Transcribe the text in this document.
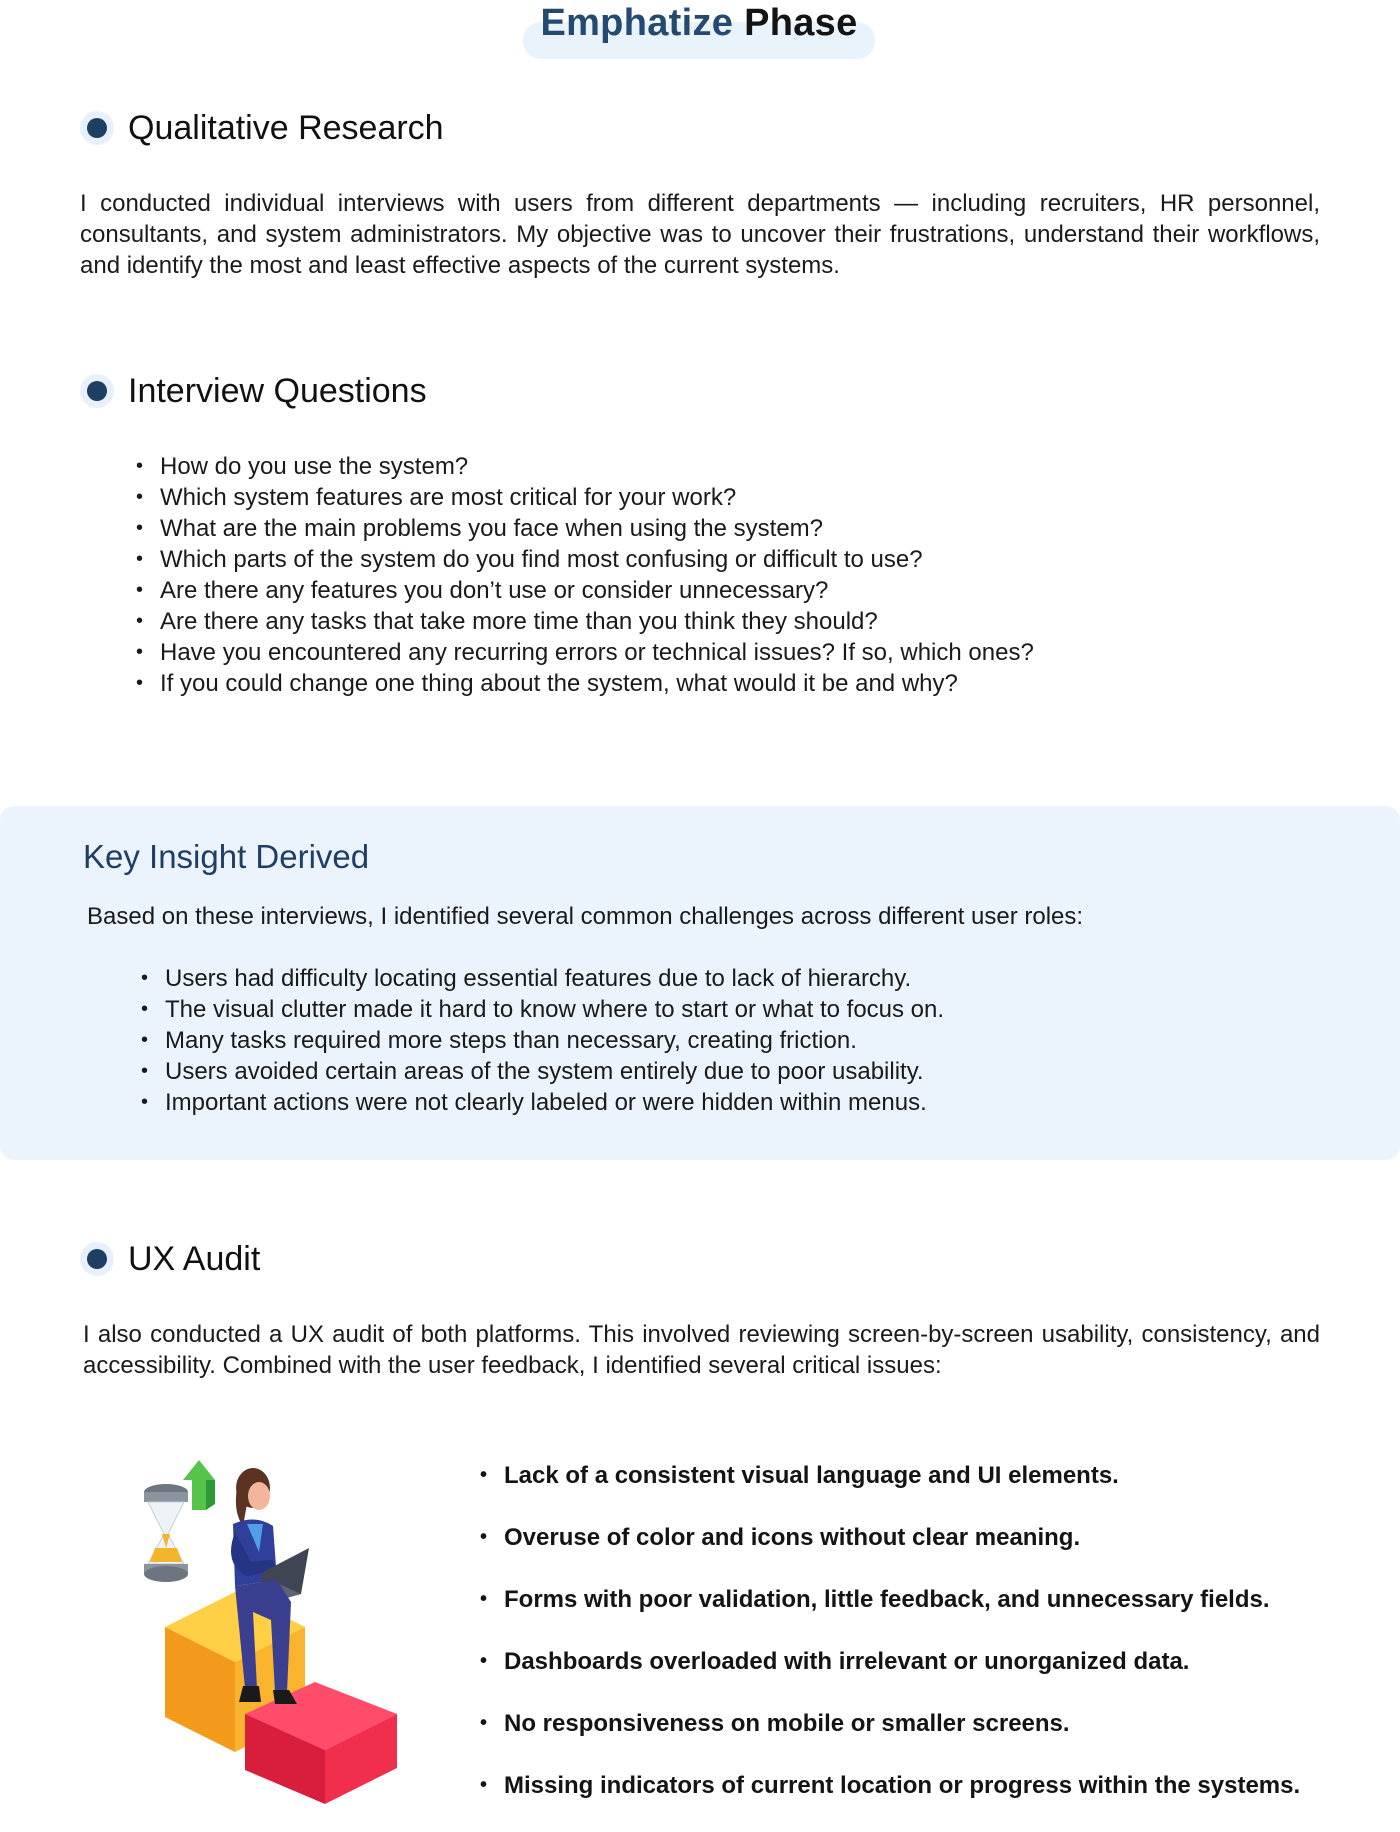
Emphatize Phase
Qualitative Research
I conducted individual interviews with users from different departments — including recruiters, HR personnel, consultants, and system administrators. My objective was to uncover their frustrations, understand their workflows, and identify the most and least effective aspects of the current systems.
Interview Questions
• How do you use the system?
• Which system features are most critical for your work?
• What are the main problems you face when using the system?
• Which parts of the system do you find most confusing or difficult to use?
• Are there any features you don’t use or consider unnecessary?
• Are there any tasks that take more time than you think they should?
• Have you encountered any recurring errors or technical issues? If so, which ones?
• If you could change one thing about the system, what would it be and why?
Key Insight Derived
Based on these interviews, I identified several common challenges across different user roles:
• Users had difficulty locating essential features due to lack of hierarchy.
• The visual clutter made it hard to know where to start or what to focus on.
• Many tasks required more steps than necessary, creating friction.
• Users avoided certain areas of the system entirely due to poor usability.
• Important actions were not clearly labeled or were hidden within menus.
UX Audit
I also conducted a UX audit of both platforms. This involved reviewing screen-by-screen usability, consistency, and accessibility. Combined with the user feedback, I identified several critical issues:
• Lack of a consistent visual language and UI elements.
• Overuse of color and icons without clear meaning.
• Forms with poor validation, little feedback, and unnecessary fields.
• Dashboards overloaded with irrelevant or unorganized data.
• No responsiveness on mobile or smaller screens.
• Missing indicators of current location or progress within the systems.
